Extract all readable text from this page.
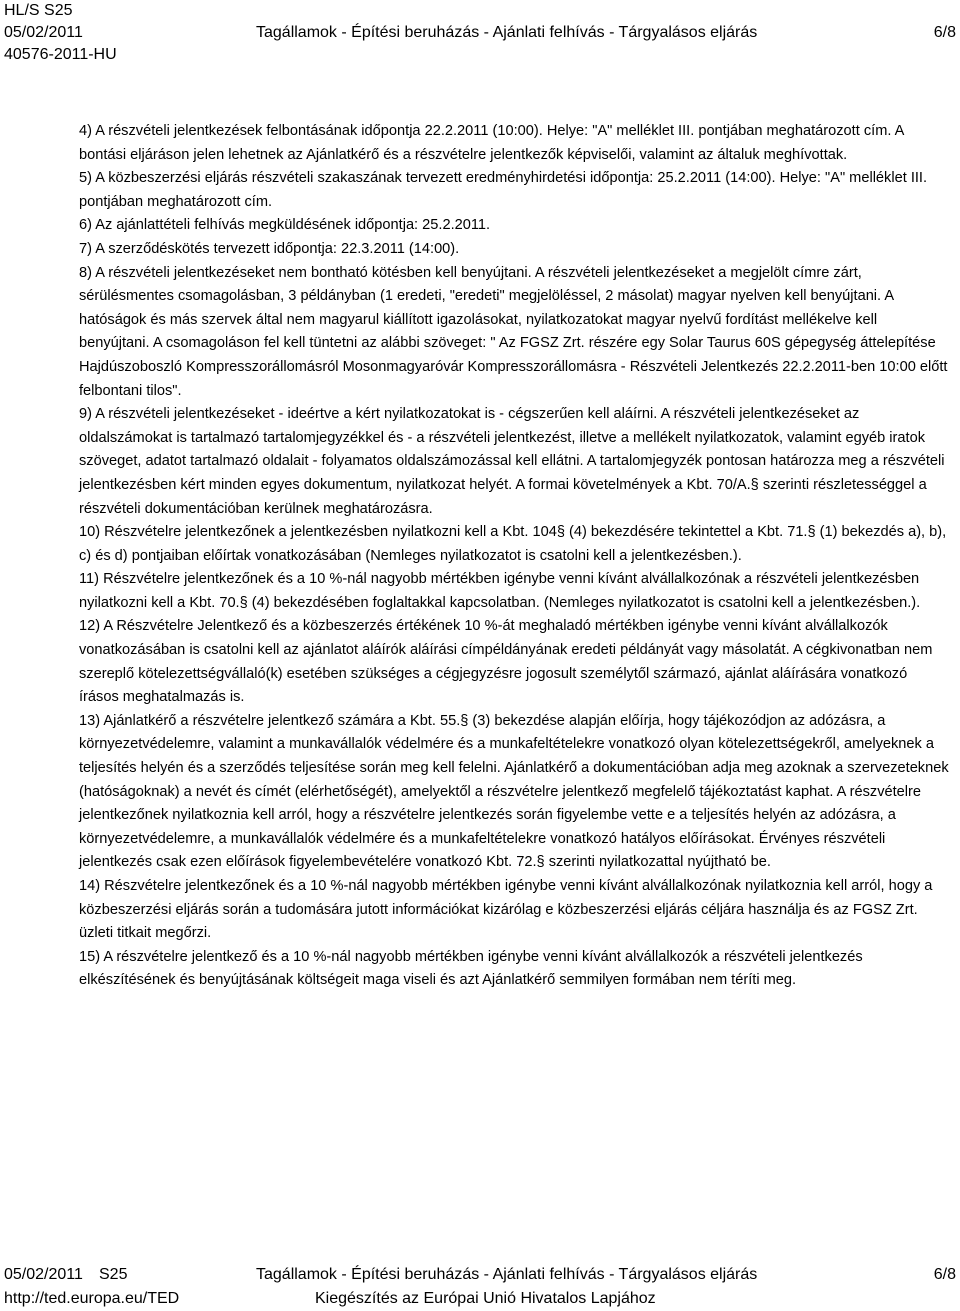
HL/S S25
05/02/2011	Tagállamok - Építési beruházás - Ajánlati felhívás - Tárgyalásos eljárás	6/8
40576-2011-HU

4) A részvételi jelentkezések felbontásának időpontja 22.2.2011 (10:00). Helye: "A" melléklet III. pontjában meghatározott cím. A bontási eljáráson jelen lehetnek az Ajánlatkérő és a részvételre jelentkezők képviselői, valamint az általuk meghívottak.

5) A közbeszerzési eljárás részvételi szakaszának tervezett eredményhirdetési időpontja: 25.2.2011 (14:00). Helye: "A" melléklet III. pontjában meghatározott cím.

6) Az ajánlattételi felhívás megküldésének időpontja: 25.2.2011.

7) A szerződéskötés tervezett időpontja: 22.3.2011 (14:00).

8) A részvételi jelentkezéseket nem bontható kötésben kell benyújtani. A részvételi jelentkezéseket a megjelölt címre zárt, sérülésmentes csomagolásban, 3 példányban (1 eredeti, "eredeti" megjelöléssel, 2 másolat) magyar nyelven kell benyújtani. A hatóságok és más szervek által nem magyarul kiállított igazolásokat, nyilatkozatokat magyar nyelvű fordítást mellékelve kell benyújtani. A csomagoláson fel kell tüntetni az alábbi szöveget: " Az FGSZ Zrt. részére egy Solar Taurus 60S gépegység áttelepítése Hajdúszoboszló Kompresszorállomásról Mosonmagyaróvár Kompresszorállomásra - Részvételi Jelentkezés 22.2.2011-ben 10:00 előtt felbontani tilos".

9) A részvételi jelentkezéseket - ideértve a kért nyilatkozatokat is - cégszerűen kell aláírni. A részvételi jelentkezéseket az oldalszámokat is tartalmazó tartalomjegyzékkel és - a részvételi jelentkezést, illetve a mellékelt nyilatkozatok, valamint egyéb iratok szöveget, adatot tartalmazó oldalait - folyamatos oldalszámozással kell ellátni. A tartalomjegyzék pontosan határozza meg a részvételi jelentkezésben kért minden egyes dokumentum, nyilatkozat helyét. A formai követelmények a Kbt. 70/A.§ szerinti részletességgel a részvételi dokumentációban kerülnek meghatározásra.

10) Részvételre jelentkezőnek a jelentkezésben nyilatkozni kell a Kbt. 104§ (4) bekezdésére tekintettel a Kbt. 71.§ (1) bekezdés a), b), c) és d) pontjaiban előírtak vonatkozásában (Nemleges nyilatkozatot is csatolni kell a jelentkezésben.).

11) Részvételre jelentkezőnek és a 10 %-nál nagyobb mértékben igénybe venni kívánt alvállalkozónak a részvételi jelentkezésben nyilatkozni kell a Kbt. 70.§ (4) bekezdésében foglaltakkal kapcsolatban. (Nemleges nyilatkozatot is csatolni kell a jelentkezésben.).

12) A Részvételre Jelentkező és a közbeszerzés értékének 10 %-át meghaladó mértékben igénybe venni kívánt alvállalkozók vonatkozásában is csatolni kell az ajánlatot aláírók aláírási címpéldányának eredeti példányát vagy másolatát. A cégkivonatban nem szereplő kötelezettségvállaló(k) esetében szükséges a cégjegyzésre jogosult személytől származó, ajánlat aláírására vonatkozó írásos meghatalmazás is.

13) Ajánlatkérő a részvételre jelentkező számára a Kbt. 55.§ (3) bekezdése alapján előírja, hogy tájékozódjon az adózásra, a környezetvédelemre, valamint a munkavállalók védelmére és a munkafeltételekre vonatkozó olyan kötelezettségekről, amelyeknek a teljesítés helyén és a szerződés teljesítése során meg kell felelni. Ajánlatkérő a dokumentációban adja meg azoknak a szervezeteknek (hatóságoknak) a nevét és címét (elérhetőségét), amelyektől a részvételre jelentkező megfelelő tájékoztatást kaphat. A részvételre jelentkezőnek nyilatkoznia kell arról, hogy a részvételre jelentkezés során figyelembe vette e a teljesítés helyén az adózásra, a környezetvédelemre, a munkavállalók védelmére és a munkafeltételekre vonatkozó hatályos előírásokat. Érvényes részvételi jelentkezés csak ezen előírások figyelembevételére vonatkozó Kbt. 72.§ szerinti nyilatkozattal nyújtható be.

14) Részvételre jelentkezőnek és a 10 %-nál nagyobb mértékben igénybe venni kívánt alvállalkozónak nyilatkoznia kell arról, hogy a közbeszerzési eljárás során a tudomására jutott információkat kizárólag e közbeszerzési eljárás céljára használja és az FGSZ Zrt. üzleti titkait megőrzi.

15) A részvételre jelentkező és a 10 %-nál nagyobb mértékben igénybe venni kívánt alvállalkozók a részvételi jelentkezés elkészítésének és benyújtásának költségeit maga viseli és azt Ajánlatkérő semmilyen formában nem téríti meg.

05/02/2011 S25	Tagállamok - Építési beruházás - Ajánlati felhívás - Tárgyalásos eljárás	6/8
http://ted.europa.eu/TED	Kiegészítés az Európai Unió Hivatalos Lapjához
